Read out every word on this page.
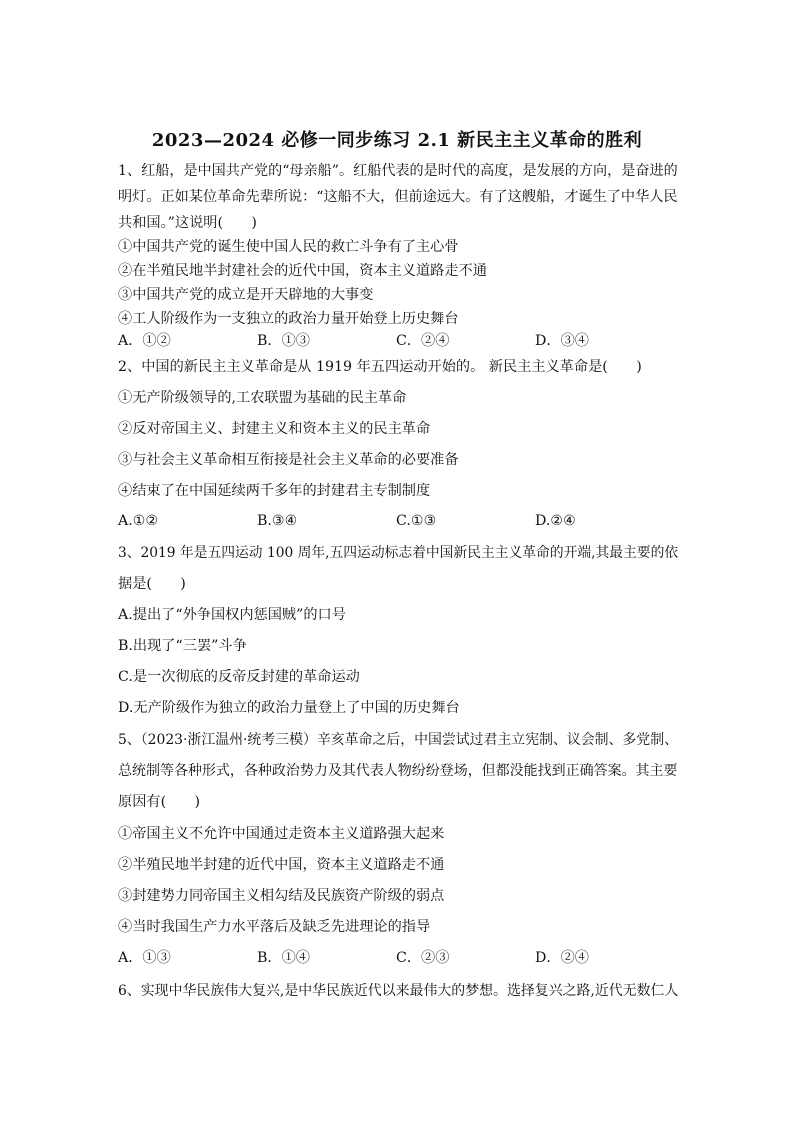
2023—2024 必修一同步练习 2.1 新民主主义革命的胜利
1、红船，是中国共产党的“母亲船”。红船代表的是时代的高度，是发展的方向，是奋进的
明灯。正如某位革命先辈所说：“这船不大，但前途远大。有了这艘船，才诞生了中华人民
共和国。”这说明(　　)
①中国共产党的诞生使中国人民的救亡斗争有了主心骨
②在半殖民地半封建社会的近代中国，资本主义道路走不通
③中国共产党的成立是开天辟地的大事变
④工人阶级作为一支独立的政治力量开始登上历史舞台
A．①②	B．①③	C．②④	D．③④
2、中国的新民主主义革命是从 1919 年五四运动开始的。 新民主主义革命是(　　)
①无产阶级领导的,工农联盟为基础的民主革命
②反对帝国主义、封建主义和资本主义的民主革命
③与社会主义革命相互衔接是社会主义革命的必要准备
④结束了在中国延续两千多年的封建君主专制制度
A.①②	B.③④	C.①③	D.②④
3、2019 年是五四运动 100 周年,五四运动标志着中国新民主主义革命的开端,其最主要的依
据是(　　)
A.提出了“外争国权内惩国贼”的口号
B.出现了“三罢”斗争
C.是一次彻底的反帝反封建的革命运动
D.无产阶级作为独立的政治力量登上了中国的历史舞台
5、（2023·浙江温州·统考三模）辛亥革命之后，中国尝试过君主立宪制、议会制、多党制、
总统制等各种形式，各种政治势力及其代表人物纷纷登场，但都没能找到正确答案。其主要
原因有(　　)
①帝国主义不允许中国通过走资本主义道路强大起来
②半殖民地半封建的近代中国，资本主义道路走不通
③封建势力同帝国主义相勾结及民族资产阶级的弱点
④当时我国生产力水平落后及缺乏先进理论的指导
A．①③	B．①④	C．②③	D．②④
6、实现中华民族伟大复兴,是中华民族近代以来最伟大的梦想。选择复兴之路,近代无数仁人
